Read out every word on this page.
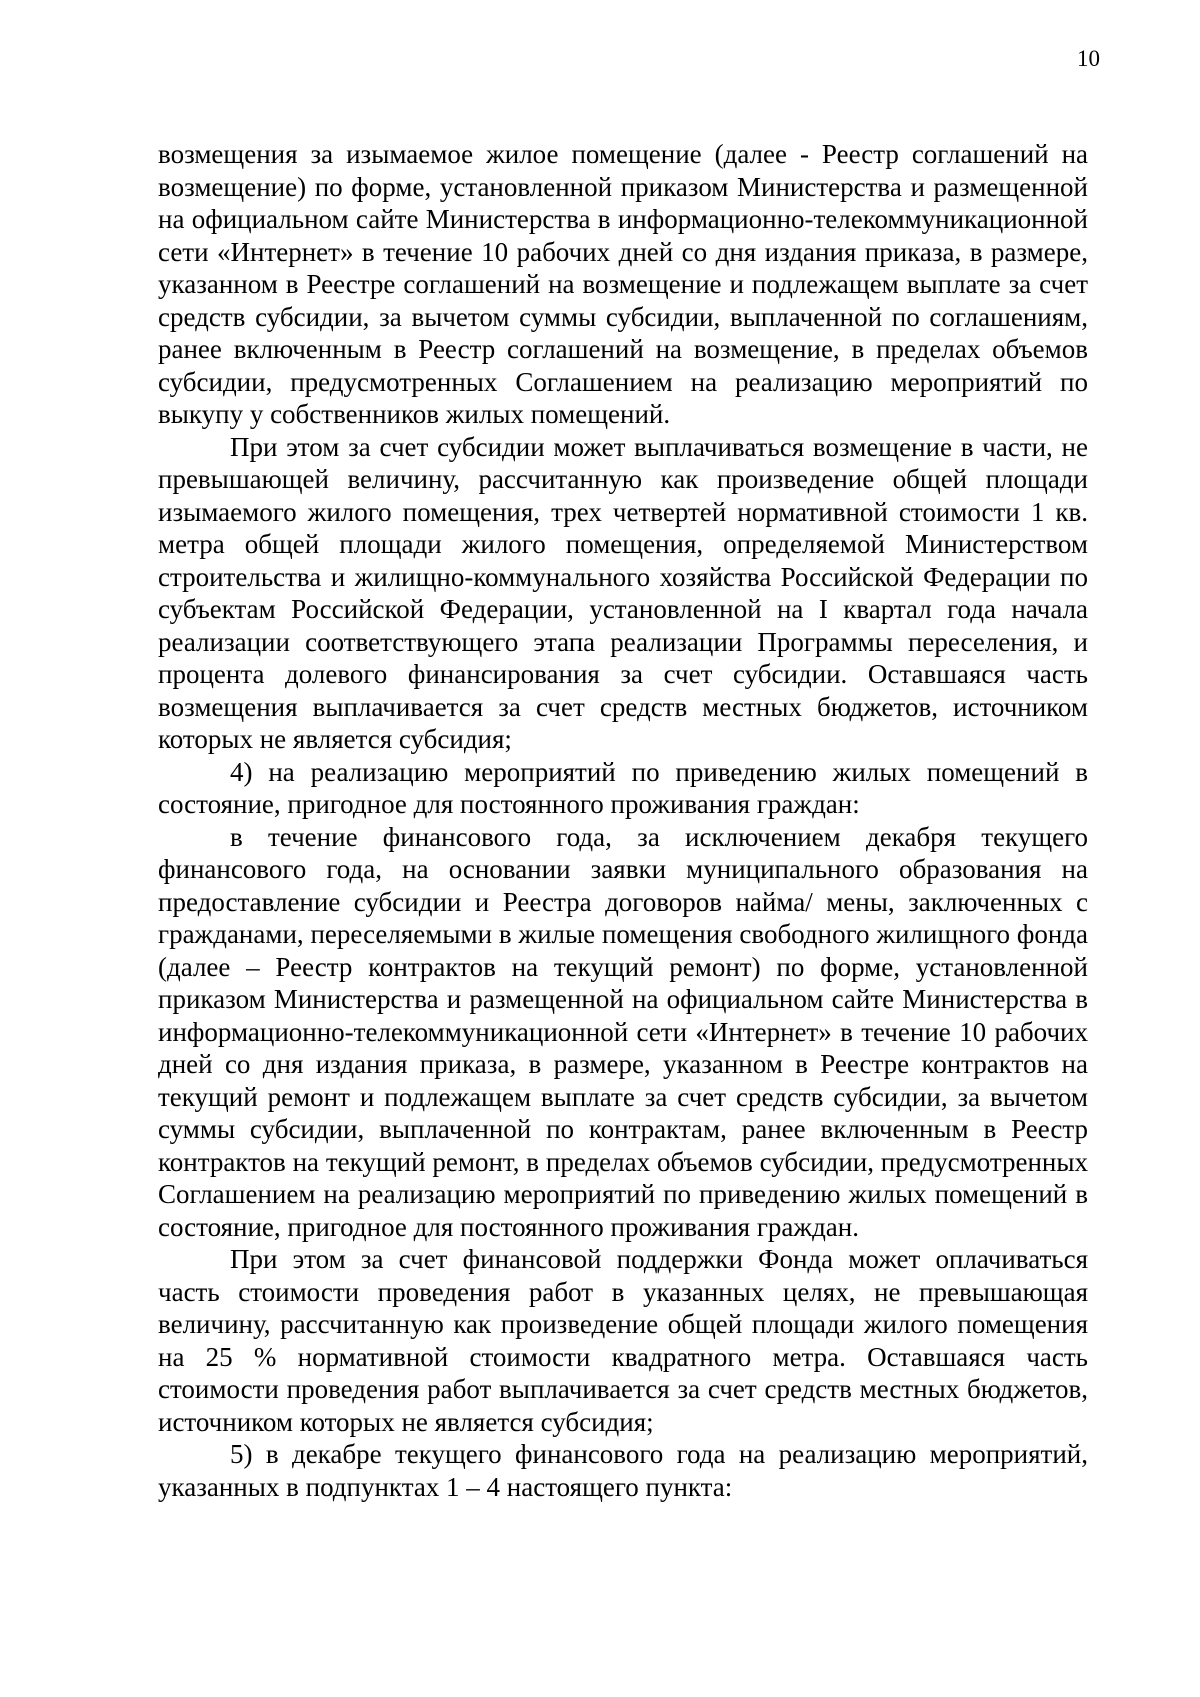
10

возмещения за изымаемое жилое помещение (далее - Реестр соглашений на возмещение) по форме, установленной приказом Министерства и размещенной на официальном сайте Министерства в информационно-телекоммуникационной сети «Интернет» в течение 10 рабочих дней со дня издания приказа, в размере, указанном в Реестре соглашений на возмещение и подлежащем выплате за счет средств субсидии, за вычетом суммы субсидии, выплаченной по соглашениям, ранее включенным в Реестр соглашений на возмещение, в пределах объемов субсидии, предусмотренных Соглашением на реализацию мероприятий по выкупу у собственников жилых помещений.

При этом за счет субсидии может выплачиваться возмещение в части, не превышающей величину, рассчитанную как произведение общей площади изымаемого жилого помещения, трех четвертей нормативной стоимости 1 кв. метра общей площади жилого помещения, определяемой Министерством строительства и жилищно-коммунального хозяйства Российской Федерации по субъектам Российской Федерации, установленной на I квартал года начала реализации соответствующего этапа реализации Программы переселения, и процента долевого финансирования за счет субсидии. Оставшаяся часть возмещения выплачивается за счет средств местных бюджетов, источником которых не является субсидия;

4) на реализацию мероприятий по приведению жилых помещений в состояние, пригодное для постоянного проживания граждан:

в течение финансового года, за исключением декабря текущего финансового года, на основании заявки муниципального образования на предоставление субсидии и Реестра договоров найма/ мены, заключенных с гражданами, переселяемыми в жилые помещения свободного жилищного фонда (далее – Реестр контрактов на текущий ремонт) по форме, установленной приказом Министерства и размещенной на официальном сайте Министерства в информационно-телекоммуникационной сети «Интернет» в течение 10 рабочих дней со дня издания приказа, в размере, указанном в Реестре контрактов на текущий ремонт и подлежащем выплате за счет средств субсидии, за вычетом суммы субсидии, выплаченной по контрактам, ранее включенным в Реестр контрактов на текущий ремонт, в пределах объемов субсидии, предусмотренных Соглашением на реализацию мероприятий по приведению жилых помещений в состояние, пригодное для постоянного проживания граждан.

При этом за счет финансовой поддержки Фонда может оплачиваться часть стоимости проведения работ в указанных целях, не превышающая величину, рассчитанную как произведение общей площади жилого помещения на 25 % нормативной стоимости квадратного метра. Оставшаяся часть стоимости проведения работ выплачивается за счет средств местных бюджетов, источником которых не является субсидия;

5) в декабре текущего финансового года на реализацию мероприятий, указанных в подпунктах 1 – 4 настоящего пункта:
